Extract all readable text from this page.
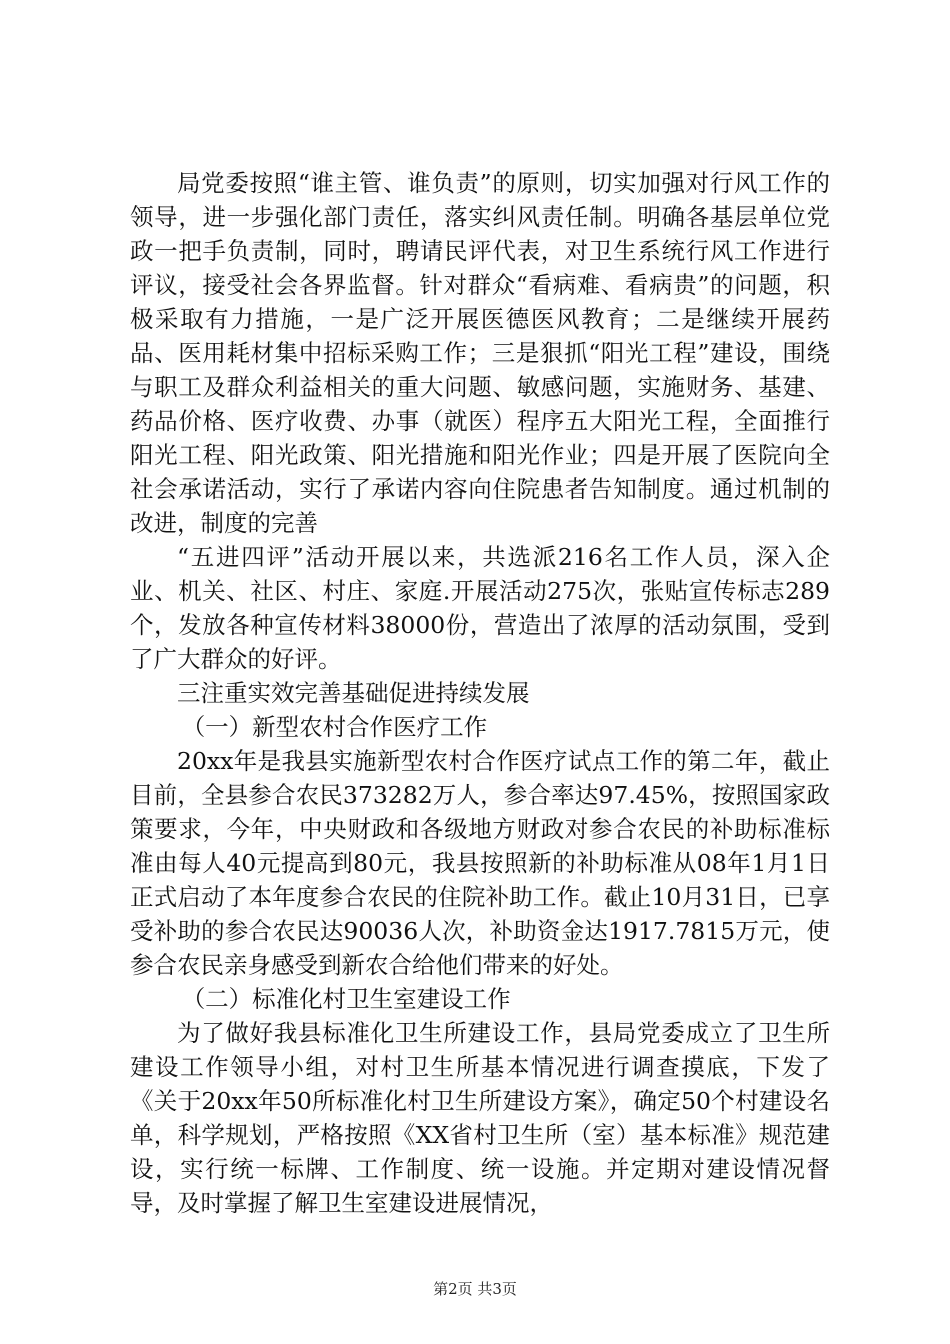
局党委按照“谁主管、谁负责”的原则，切实加强对行风工作的领导，进一步强化部门责任，落实纠风责任制。明确各基层单位党政一把手负责制，同时，聘请民评代表，对卫生系统行风工作进行评议，接受社会各界监督。针对群众“看病难、看病贵”的问题，积极采取有力措施，一是广泛开展医德医风教育；二是继续开展药品、医用耗材集中招标采购工作；三是狠抓“阳光工程”建设，围绕与职工及群众利益相关的重大问题、敏感问题，实施财务、基建、药品价格、医疗收费、办事（就医）程序五大阳光工程，全面推行阳光工程、阳光政策、阳光措施和阳光作业；四是开展了医院向全社会承诺活动，实行了承诺内容向住院患者告知制度。通过机制的改进，制度的完善

“五进四评”活动开展以来，共选派216名工作人员，深入企业、机关、社区、村庄、家庭.开展活动275次，张贴宣传标志289个，发放各种宣传材料38000份，营造出了浓厚的活动氛围，受到了广大群众的好评。

三注重实效完善基础促进持续发展

（一）新型农村合作医疗工作

20xx年是我县实施新型农村合作医疗试点工作的第二年，截止目前，全县参合农民373282万人，参合率达97.45%，按照国家政策要求，今年，中央财政和各级地方财政对参合农民的补助标准标准由每人40元提高到80元，我县按照新的补助标准从08年1月1日正式启动了本年度参合农民的住院补助工作。截止10月31日，已享受补助的参合农民达90036人次，补助资金达1917.7815万元，使参合农民亲身感受到新农合给他们带来的好处。

（二）标准化村卫生室建设工作

为了做好我县标准化卫生所建设工作，县局党委成立了卫生所建设工作领导小组，对村卫生所基本情况进行调查摸底，下发了《关于20xx年50所标准化村卫生所建设方案》，确定50个村建设名单，科学规划，严格按照《XX省村卫生所（室）基本标准》规范建设，实行统一标牌、工作制度、统一设施。并定期对建设情况督导，及时掌握了解卫生室建设进展情况，

第2页 共3页
